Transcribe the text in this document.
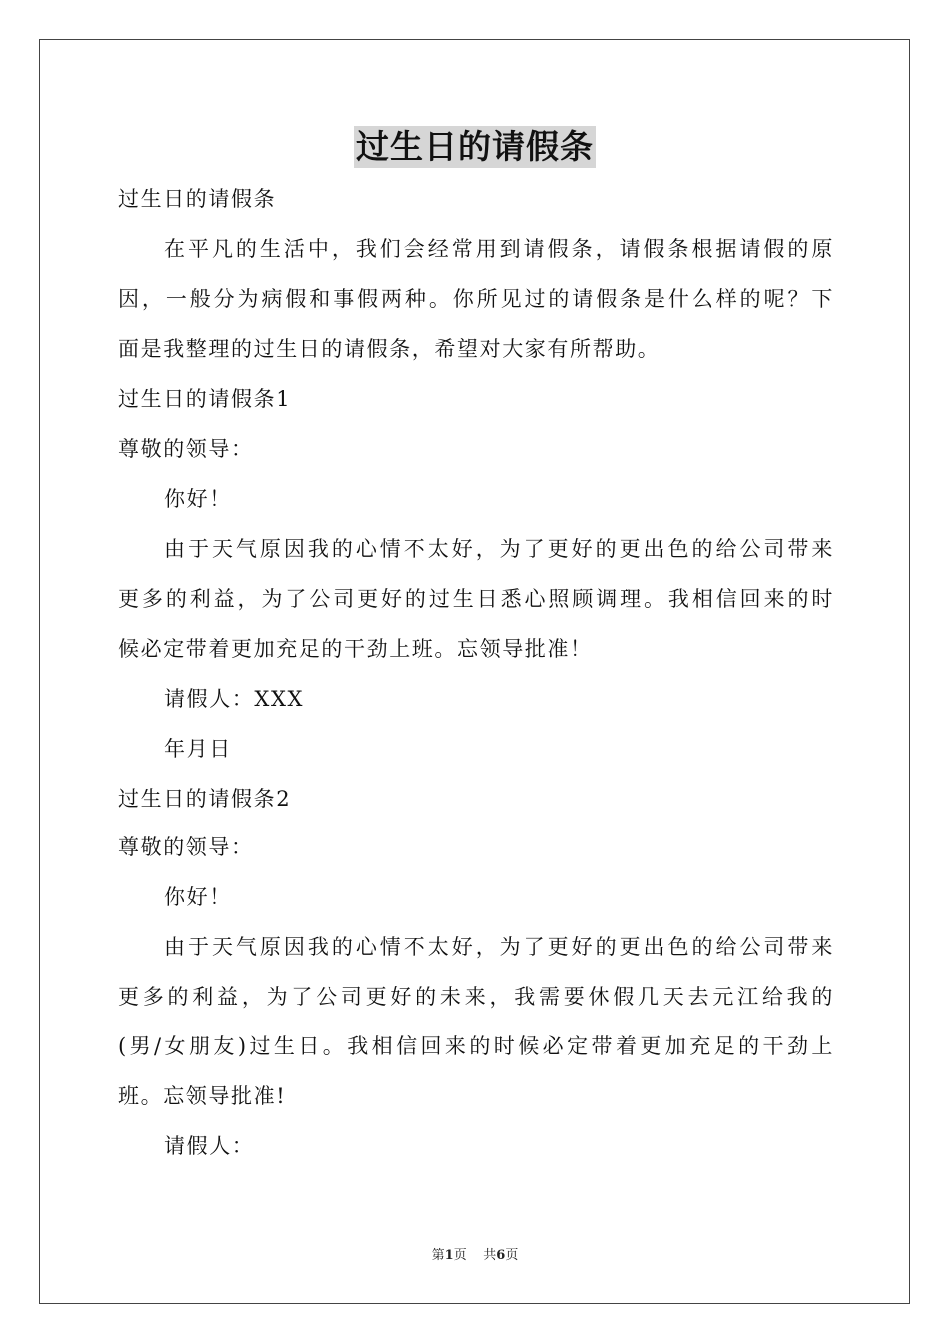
过生日的请假条
过生日的请假条
在平凡的生活中，我们会经常用到请假条，请假条根据请假的原
因，一般分为病假和事假两种。你所见过的请假条是什么样的呢？下
面是我整理的过生日的请假条，希望对大家有所帮助。
过生日的请假条1
尊敬的领导：
你好！
由于天气原因我的心情不太好，为了更好的更出色的给公司带来
更多的利益，为了公司更好的过生日悉心照顾调理。我相信回来的时
候必定带着更加充足的干劲上班。忘领导批准！
请假人：XXX
年月日
过生日的请假条2
尊敬的领导：
你好！
由于天气原因我的心情不太好，为了更好的更出色的给公司带来
更多的利益，为了公司更好的未来，我需要休假几天去元江给我的
(男/女朋友)过生日。我相信回来的时候必定带着更加充足的干劲上
班。忘领导批准!
请假人：
第1页 共6页
